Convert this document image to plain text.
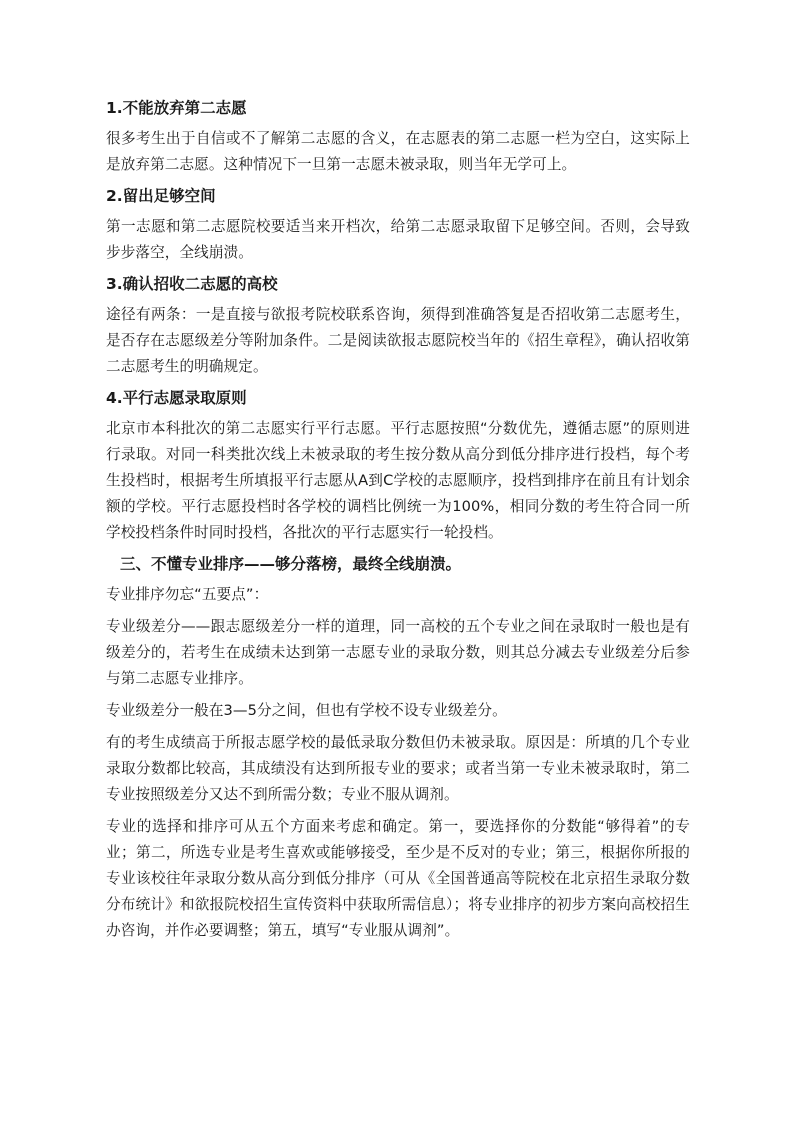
1.不能放弃第二志愿
很多考生出于自信或不了解第二志愿的含义，在志愿表的第二志愿一栏为空白，这实际上是放弃第二志愿。这种情况下一旦第一志愿未被录取，则当年无学可上。
2.留出足够空间
第一志愿和第二志愿院校要适当来开档次，给第二志愿录取留下足够空间。否则，会导致步步落空，全线崩溃。
3.确认招收二志愿的高校
途径有两条：一是直接与欲报考院校联系咨询，须得到准确答复是否招收第二志愿考生，是否存在志愿级差分等附加条件。二是阅读欲报志愿院校当年的《招生章程》，确认招收第二志愿考生的明确规定。
4.平行志愿录取原则
北京市本科批次的第二志愿实行平行志愿。平行志愿按照“分数优先，遵循志愿”的原则进行录取。对同一科类批次线上未被录取的考生按分数从高分到低分排序进行投档，每个考生投档时，根据考生所填报平行志愿从A到C学校的志愿顺序，投档到排序在前且有计划余额的学校。平行志愿投档时各学校的调档比例统一为100%，相同分数的考生符合同一所学校投档条件时同时投档，各批次的平行志愿实行一轮投档。
三、不懂专业排序——够分落榜，最终全线崩溃。
专业排序勿忘“五要点”：
专业级差分——跟志愿级差分一样的道理，同一高校的五个专业之间在录取时一般也是有级差分的，若考生在成绩未达到第一志愿专业的录取分数，则其总分减去专业级差分后参与第二志愿专业排序。
专业级差分一般在3—5分之间，但也有学校不设专业级差分。
有的考生成绩高于所报志愿学校的最低录取分数但仍未被录取。原因是：所填的几个专业录取分数都比较高，其成绩没有达到所报专业的要求；或者当第一专业未被录取时，第二专业按照级差分又达不到所需分数；专业不服从调剂。
专业的选择和排序可从五个方面来考虑和确定。第一，要选择你的分数能“够得着”的专业；第二，所选专业是考生喜欢或能够接受，至少是不反对的专业；第三，根据你所报的专业该校往年录取分数从高分到低分排序（可从《全国普通高等院校在北京招生录取分数分布统计》和欲报院校招生宣传资料中获取所需信息）；将专业排序的初步方案向高校招生办咨询，并作必要调整；第五，填写“专业服从调剂”。
